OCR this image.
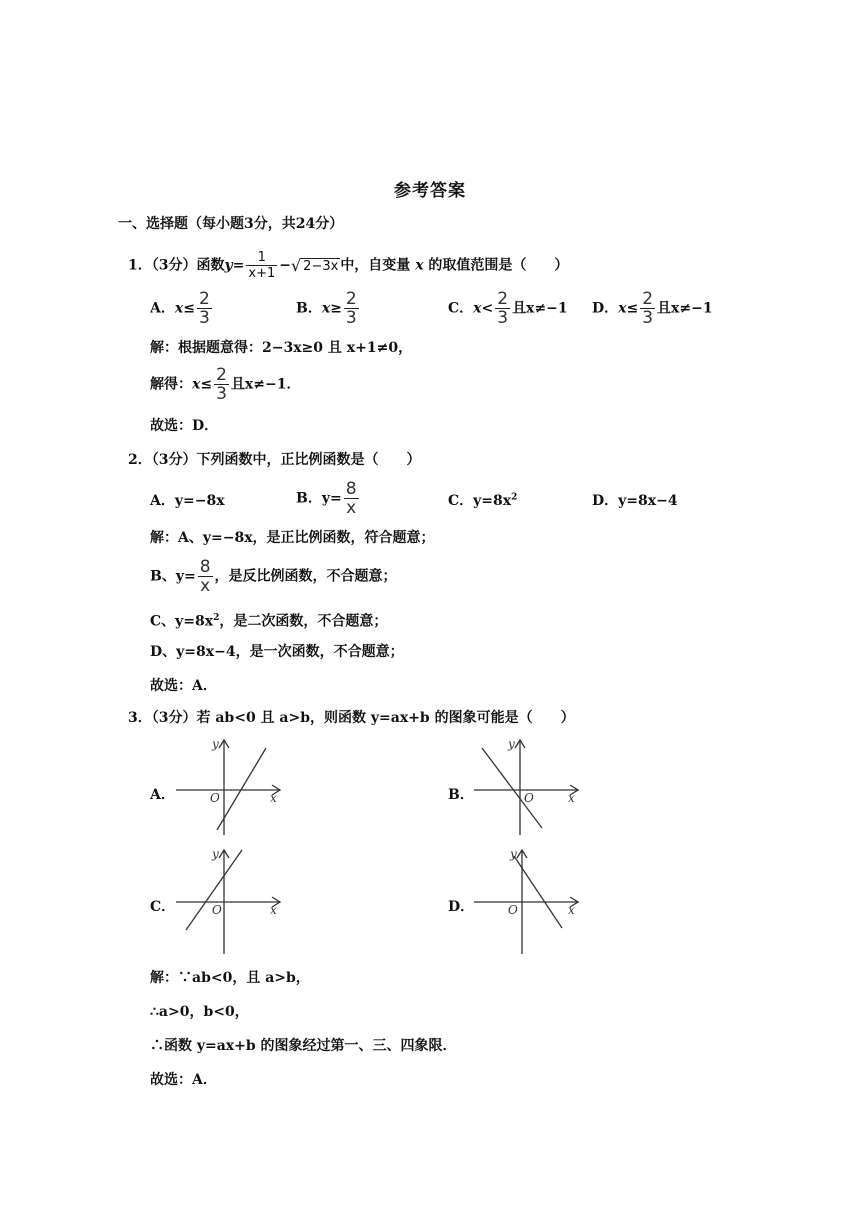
参考答案
一、选择题（每小题3分，共24分）
1．（3分）函数$y= \frac{1}{x+1}$ − √ 2−3x 中，自变量 x 的取值范围是（　　）
A．$x\le \frac{2}{3}$	B．$x\ge \frac{2}{3}$	C．$x< \frac{2}{3}$ 且x≠−1 D．$x\le \frac{2}{3}$ 且x≠−1
解：根据题意得：2−3x≥0 且 x+1≠0，
解得：$x\le \frac{2}{3}$ 且x≠−1．
故选：D．
2．（3分）下列函数中，正比例函数是（　　）
A．y=−8x	B．$y= \frac{8}{x}$	C．$y=8x^2$	D．y=8x−4
解：A、y=−8x，是正比例函数，符合题意；
B、$y= \frac{8}{x}$ ，是反比例函数，不合题意；
C、$y=8x^2$，是二次函数，不合题意；
D、y=8x−4，是一次函数，不合题意；
故选：A．
3．（3分）若 ab<0 且 a>b，则函数 y=ax+b 的图象可能是（　　）
A．	x
y
O	B．	x
y
O
C．	x
y
O	D．	x
y
O
解：∵ab<0，且 a>b，
∴a>0，b<0，
∴函数 y=ax+b 的图象经过第一、三、四象限．
故选：A．
